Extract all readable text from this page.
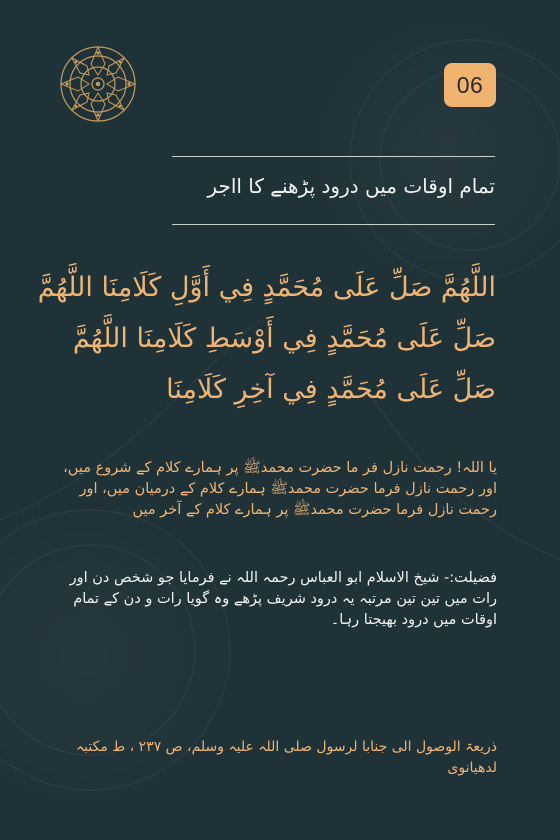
06
تمام اوقات میں درود پڑھنے کا ااجر
اللَّهُمَّ صَلِّ عَلَى مُحَمَّدٍ فِي أَوَّلِ كَلَامِنَا اللَّهُمَّ
صَلِّ عَلَى مُحَمَّدٍ فِي أَوْسَطِ كَلَامِنَا اللَّهُمَّ
صَلِّ عَلَى مُحَمَّدٍ فِي آخِرِ كَلَامِنَا
یا اللہ! رحمت نازل فر ما حضرت محمدﷺ پر ہمارے کلام کے شروع میں، اور رحمت نازل فرما حضرت محمدﷺ ہمارے کلام کے درمیان میں، اور رحمت نازل فرما حضرت محمدﷺ پر ہمارے کلام کے آخر میں
فضیلت:- شیخ الاسلام ابو العباس رحمہ اللہ نے فرمایا جو شخص دن اور رات میں تین تین مرتبہ یہ درود شریف پڑھے وہ گویا رات و دن کے تمام اوقات میں درود بھیجتا رہا۔
ذریعۃ الوصول الی جنابا لرسول صلی اللہ علیہ وسلم، ص ۲۳۷ ، ط مکتبہ لدھیانوی
